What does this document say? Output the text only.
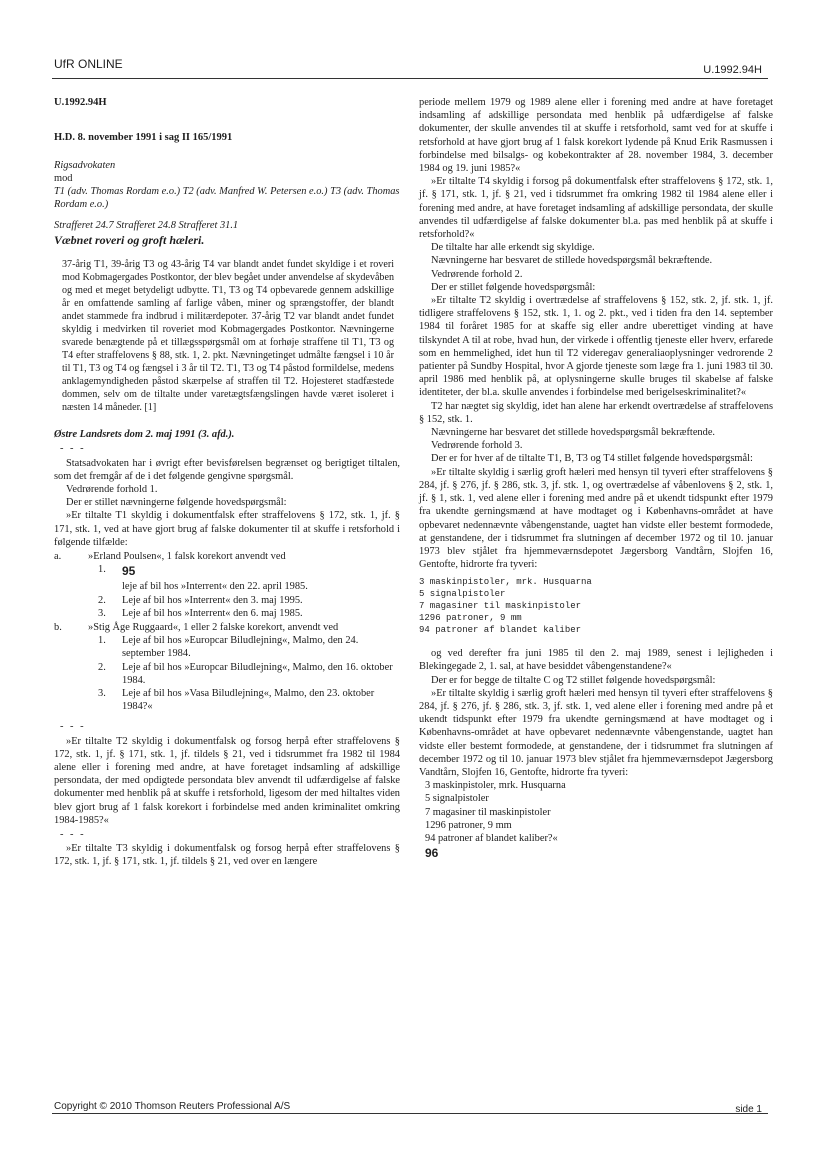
UfR ONLINE	U.1992.94H

U.1992.94H

H.D. 8. november 1991 i sag II 165/1991

Rigsadvokaten

mod

T1 (adv. Thomas Rordam e.o.) T2 (adv. Manfred W. Petersen e.o.) T3 (adv. Thomas Rordam e.o.)

Strafferet 24.7 Strafferet 24.8 Strafferet 31.1

Væbnet roveri og groft hæleri.

37-årig T1, 39-årig T3 og 43-årig T4 var blandt andet fundet skyldige i et roveri mod Kobmagergades Postkontor, der blev begået under anvendelse af skydevåben og med et meget betydeligt udbytte. T1, T3 og T4 opbevarede gennem adskillige år en omfattende samling af farlige våben, miner og sprængstoffer, der blandt andet stammede fra indbrud i militærdepoter. 37-årig T2 var blandt andet fundet skyldig i medvirken til roveriet mod Kobmagergades Postkontor. Nævningerne svarede benægtende på et tillægsspørgsmål om at forhøje straffene til T1, T3 og T4 efter straffelovens § 88, stk. 1, 2. pkt. Nævningetinget udmålte fængsel i 10 år til T1, T3 og T4 og fængsel i 3 år til T2. T1, T3 og T4 påstod formildelse, medens anklagemyndigheden påstod skærpelse af straffen til T2. Hojesteret stadfæstede dommen, selv om de tiltalte under varetægtsfængslingen havde været isoleret i næsten 14 måneder. [1]

Østre Landsrets dom 2. maj 1991 (3. afd.).

- - -

Statsadvokaten har i øvrigt efter bevisførelsen begrænset og berigtiget tiltalen, som det fremgår af de i det følgende gengivne spørgsmål.

Vedrørende forhold 1.

Der er stillet nævningerne følgende hovedspørgsmål:

»Er tiltalte T1 skyldig i dokumentfalsk efter straffelovens § 172, stk. 1, jf. § 171, stk. 1, ved at have gjort brug af falske dokumenter til at skuffe i retsforhold i følgende tilfælde:

a.	»Erland Poulsen«, 1 falsk korekort anvendt ved
1.	95
leje af bil hos »Interrent« den 22. april 1985.
2.	Leje af bil hos »Interrent« den 3. maj 1995.
3.	Leje af bil hos »Interrent« den 6. maj 1985.
b.	»Stig Åge Ruggaard«, 1 eller 2 falske korekort, anvendt ved
1.	Leje af bil hos »Europcar Biludlejning«, Malmo, den 24. september 1984.
2.	Leje af bil hos »Europcar Biludlejning«, Malmo, den 16. oktober 1984.
3.	Leje af bil hos »Vasa Biludlejning«, Malmo, den 23. oktober 1984?«

- - -

»Er tiltalte T2 skyldig i dokumentfalsk og forsog herpå efter straffelovens § 172, stk. 1, jf. § 171, stk. 1, jf. tildels § 21, ved i tidsrummet fra 1982 til 1984 alene eller i forening med andre, at have foretaget indsamling af adskillige persondata, der med opdigtede persondata blev anvendt til udfærdigelse af falske dokumenter med henblik på at skuffe i retsforhold, ligesom der med hiltaltes viden blev gjort brug af 1 falsk korekort i forbindelse med anden kriminalitet omkring 1984-1985?«

- - -

»Er tiltalte T3 skyldig i dokumentfalsk og forsog herpå efter straffelovens § 172, stk. 1, jf. § 171, stk. 1, jf. tildels § 21, ved over en længere

periode mellem 1979 og 1989 alene eller i forening med andre at have foretaget indsamling af adskillige persondata med henblik på udfærdigelse af falske dokumenter, der skulle anvendes til at skuffe i retsforhold, samt ved for at skuffe i retsforhold at have gjort brug af 1 falsk korekort lydende på Knud Erik Rasmussen i forbindelse med bilsalgs- og kobekontrakter af 28. november 1984, 3. december 1984 og 19. juni 1985?«

»Er tiltalte T4 skyldig i forsog på dokumentfalsk efter straffelovens § 172, stk. 1, jf. § 171, stk. 1, jf. § 21, ved i tidsrummet fra omkring 1982 til 1984 alene eller i forening med andre, at have foretaget indsamling af adskillige persondata, der skulle anvendes til udfærdigelse af falske dokumenter bl.a. pas med henblik på at skuffe i retsforhold?«

De tiltalte har alle erkendt sig skyldige.

Nævningerne har besvaret de stillede hovedspørgsmål bekræftende.

Vedrørende forhold 2.

Der er stillet følgende hovedspørgsmål:

»Er tiltalte T2 skyldig i overtrædelse af straffelovens § 152, stk. 2, jf. stk. 1, jf. tidligere straffelovens § 152, stk. 1, 1. og 2. pkt., ved i tiden fra den 14. september 1984 til foråret 1985 for at skaffe sig eller andre uberettiget vinding at have tilskyndet A til at robe, hvad hun, der virkede i offentlig tjeneste eller hverv, erfarede som en hemmelighed, idet hun til T2 videregav generaliaoplysninger vedrorende 2 patienter på Sundby Hospital, hvor A gjorde tjeneste som læge fra 1. juni 1983 til 30. april 1986 med henblik på, at oplysningerne skulle bruges til skabelse af falske identiteter, der bl.a. skulle anvendes i forbindelse med berigelseskriminalitet?«

T2 har nægtet sig skyldig, idet han alene har erkendt overtrædelse af straffelovens § 152, stk. 1.

Nævningerne har besvaret det stillede hovedspørgsmål bekræftende.

Vedrørende forhold 3.

Der er for hver af de tiltalte T1, B, T3 og T4 stillet følgende hovedspørgsmål:

»Er tiltalte skyldig i særlig groft hæleri med hensyn til tyveri efter straffelovens § 284, jf. § 276, jf. § 286, stk. 3, jf. stk. 1, og overtrædelse af våbenlovens § 2, stk. 1, jf. § 1, stk. 1, ved alene eller i forening med andre på et ukendt tidspunkt efter 1979 fra ukendte gerningsmænd at have modtaget og i Københavns-området at have opbevaret nedennævnte våbengenstande, uagtet han vidste eller bestemt formodede, at genstandene, der i tidsrummet fra slutningen af december 1972 og til 10. januar 1973 blev stjålet fra hjemmeværnsdepotet Jægersborg Vandtårn, Slojfen 16, Gentofte, hidrorte fra tyveri:

3 maskinpistoler, mrk. Husquarna
5 signalpistoler
7 magasiner til maskinpistoler
1296 patroner, 9 mm
94 patroner af blandet kaliber

og ved derefter fra juni 1985 til den 2. maj 1989, senest i lejligheden i Blekingegade 2, 1. sal, at have besiddet våbengenstandene?«

Der er for begge de tiltalte C og T2 stillet følgende hovedspørgsmål:

»Er tiltalte skyldig i særlig groft hæleri med hensyn til tyveri efter straffelovens § 284, jf. § 276, jf. § 286, stk. 3, jf. stk. 1, ved alene eller i forening med andre på et ukendt tidspunkt efter 1979 fra ukendte gerningsmænd at have modtaget og i Københavns-området at have opbevaret nedennævnte våbengenstande, uagtet han vidste eller bestemt formodede, at genstandene, der i tidsrummet fra slutningen af december 1972 og til 10. januar 1973 blev stjålet fra hjemmeværnsdepot Jægersborg Vandtårn, Slojfen 16, Gentofte, hidrorte fra tyveri:

3 maskinpistoler, mrk. Husquarna
5 signalpistoler
7 magasiner til maskinpistoler
1296 patroner, 9 mm
94 patroner af blandet kaliber?«
96
Copyright © 2010 Thomson Reuters Professional A/S	side 1
